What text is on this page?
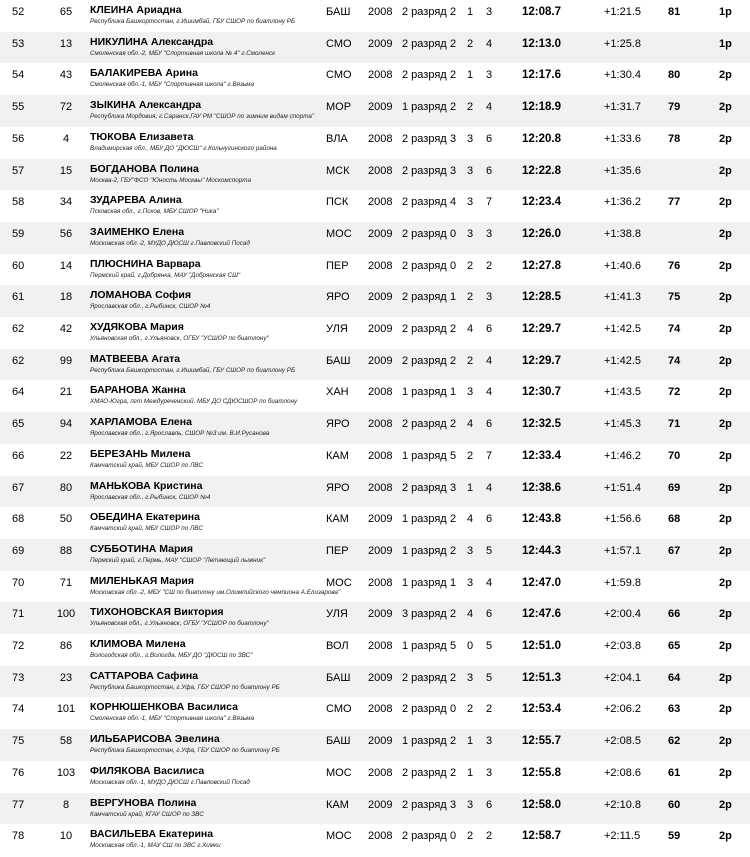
52	65	КЛЕИНА Ариадна
Республика Башкортостан, г.Ишимбай, ГБУ СШОР по биатлону РБ
БАШ 2008 2 разряд 2 1 3	12:08.7	+1:21.5 81	1р
53	13	НИКУЛИНА Александра
Смоленская обл.-2, МБУ "Спортивная школа № 4" г.Смоленск
СМО 2009 2 разряд 2 2 4	12:13.0	+1:25.8	1р
54	43	БАЛАКИРЕВА Арина
Смоленская обл.-1, МБУ "Спортивная школа" г.Вязьма
СМО 2008 2 разряд 2 1 3	12:17.6	+1:30.4 80	2р
55	72	ЗЫКИНА Александра
Республика Мордовия, г.Саранск,ГАУ РМ "СШОР по зимним видам спорта"
МОР 2009 1 разряд 2 2 4	12:18.9	+1:31.7 79	2р
56	4	ТЮКОВА Елизавета
Владимирская обл., МБУ ДО "ДЮСШ" г.Кольчугинского района
ВЛА 2008 2 разряд 3 3 6	12:20.8	+1:33.6 78	2р
57	15	БОГДАНОВА Полина
Москва-2, ГБУ"ФСО "Юность Москвы" Москомспорта
МСК 2008 2 разряд 3 3 6	12:22.8	+1:35.6	2р
58	34	ЗУДАРЕВА Алина
Псковская обл., г.Псков, МБУ СШОР "Ника"
ПСК 2008 2 разряд 4 3 7	12:23.4	+1:36.2 77	2р
59	56	ЗАИМЕНКО Елена
Московская обл.-2, МУДО ДЮСШ г.Павловский Посад
МОС 2009 2 разряд 0 3 3	12:26.0	+1:38.8	2р
60	14	ПЛЮСНИНА Варвара
Пермский край, г.Добрянка, МАУ "Добрянская СШ"
ПЕР 2008 2 разряд 0 2 2	12:27.8	+1:40.6 76	2р
61	18	ЛОМАНОВА София
Ярославская обл., г.Рыбинск, СШОР №4
ЯРО 2009 2 разряд 1 2 3	12:28.5	+1:41.3 75	2р
62	42	ХУДЯКОВА Мария
Ульяновская обл., г.Ульяновск, ОГБУ "УСШОР по биатлону"
УЛЯ 2009 2 разряд 2 4 6	12:29.7	+1:42.5 74	2р
62	99	МАТВЕЕВА Агата
Республика Башкортостан, г.Ишимбай, ГБУ СШОР по биатлону РБ
БАШ 2009 2 разряд 2 2 4	12:29.7	+1:42.5 74	2р
64	21	БАРАНОВА Жанна
ХМАО-Югра, пгт Междуреченский, МБУ ДО СДЮСШОР по биатлону
ХАН 2008 1 разряд 1 3 4	12:30.7	+1:43.5 72	2р
65	94	ХАРЛАМОВА Елена
Ярославская обл., г.Ярославль, СШОР №3 им. В.И.Русанова
ЯРО 2008 2 разряд 2 4 6	12:32.5	+1:45.3 71	2р
66	22	БЕРЕЗАНЬ Милена
Камчатский край, МБУ СШОР по ЛВС
КАМ 2008 1 разряд 5 2 7	12:33.4	+1:46.2 70	2р
67	80	МАНЬКОВА Кристина
Ярославская обл., г.Рыбинск, СШОР №4
ЯРО 2008 2 разряд 3 1 4	12:38.6	+1:51.4 69	2р
68	50	ОБЕДИНА Екатерина
Камчатский край, МБУ СШОР по ЛВС
КАМ 2009 1 разряд 2 4 6	12:43.8	+1:56.6 68	2р
69	88	СУББОТИНА Мария
Пермский край, г.Пермь, МАУ "СШОР "Летающий лыжник"
ПЕР 2009 1 разряд 2 3 5	12:44.3	+1:57.1 67	2р
70	71	МИЛЕНЬКАЯ Мария
Московская обл.-2, МБУ "СШ по биатлону им.Олимпийского чемпиона А.Елизарова"
МОС 2008 1 разряд 1 3 4	12:47.0	+1:59.8	2р
71	100	ТИХОНОВСКАЯ Виктория
Ульяновская обл., г.Ульяновск, ОГБУ "УСШОР по биатлону"
УЛЯ 2009 3 разряд 2 4 6	12:47.6	+2:00.4 66	2р
72	86	КЛИМОВА Милена
Вологодская обл., г.Вологда, МБУ ДО "ДЮСШ по ЗВС"
ВОЛ 2008 1 разряд 5 0 5	12:51.0	+2:03.8 65	2р
73	23	САТТАРОВА Сафина
Республика Башкортостан, г.Уфа, ГБУ СШОР по биатлону РБ
БАШ 2009 2 разряд 2 3 5	12:51.3	+2:04.1 64	2р
74	101	КОРНЮШЕНКОВА Василиса
Смоленская обл.-1, МБУ "Спортивная школа" г.Вязьма
СМО 2008 2 разряд 0 2 2	12:53.4	+2:06.2 63	2р
75	58	ИЛЬБАРИСОВА Эвелина
Республика Башкортостан, г.Уфа, ГБУ СШОР по биатлону РБ
БАШ 2009 1 разряд 2 1 3	12:55.7	+2:08.5 62	2р
76	103	ФИЛЯКОВА Василиса
Московская обл.-1, МУДО ДЮСШ г.Павловский Посад
МОС 2008 2 разряд 2 1 3	12:55.8	+2:08.6 61	2р
77	8	ВЕРГУНОВА Полина
Камчатский край, КГАУ СШОР по ЗВС
КАМ 2009 2 разряд 3 3 6	12:58.0	+2:10.8 60	2р
78	10	ВАСИЛЬЕВА Екатерина
Московская обл.-1, МАУ СШ по ЗВС г.Химки
МОС 2008 2 разряд 0 2 2	12:58.7	+2:11.5	59	2р
